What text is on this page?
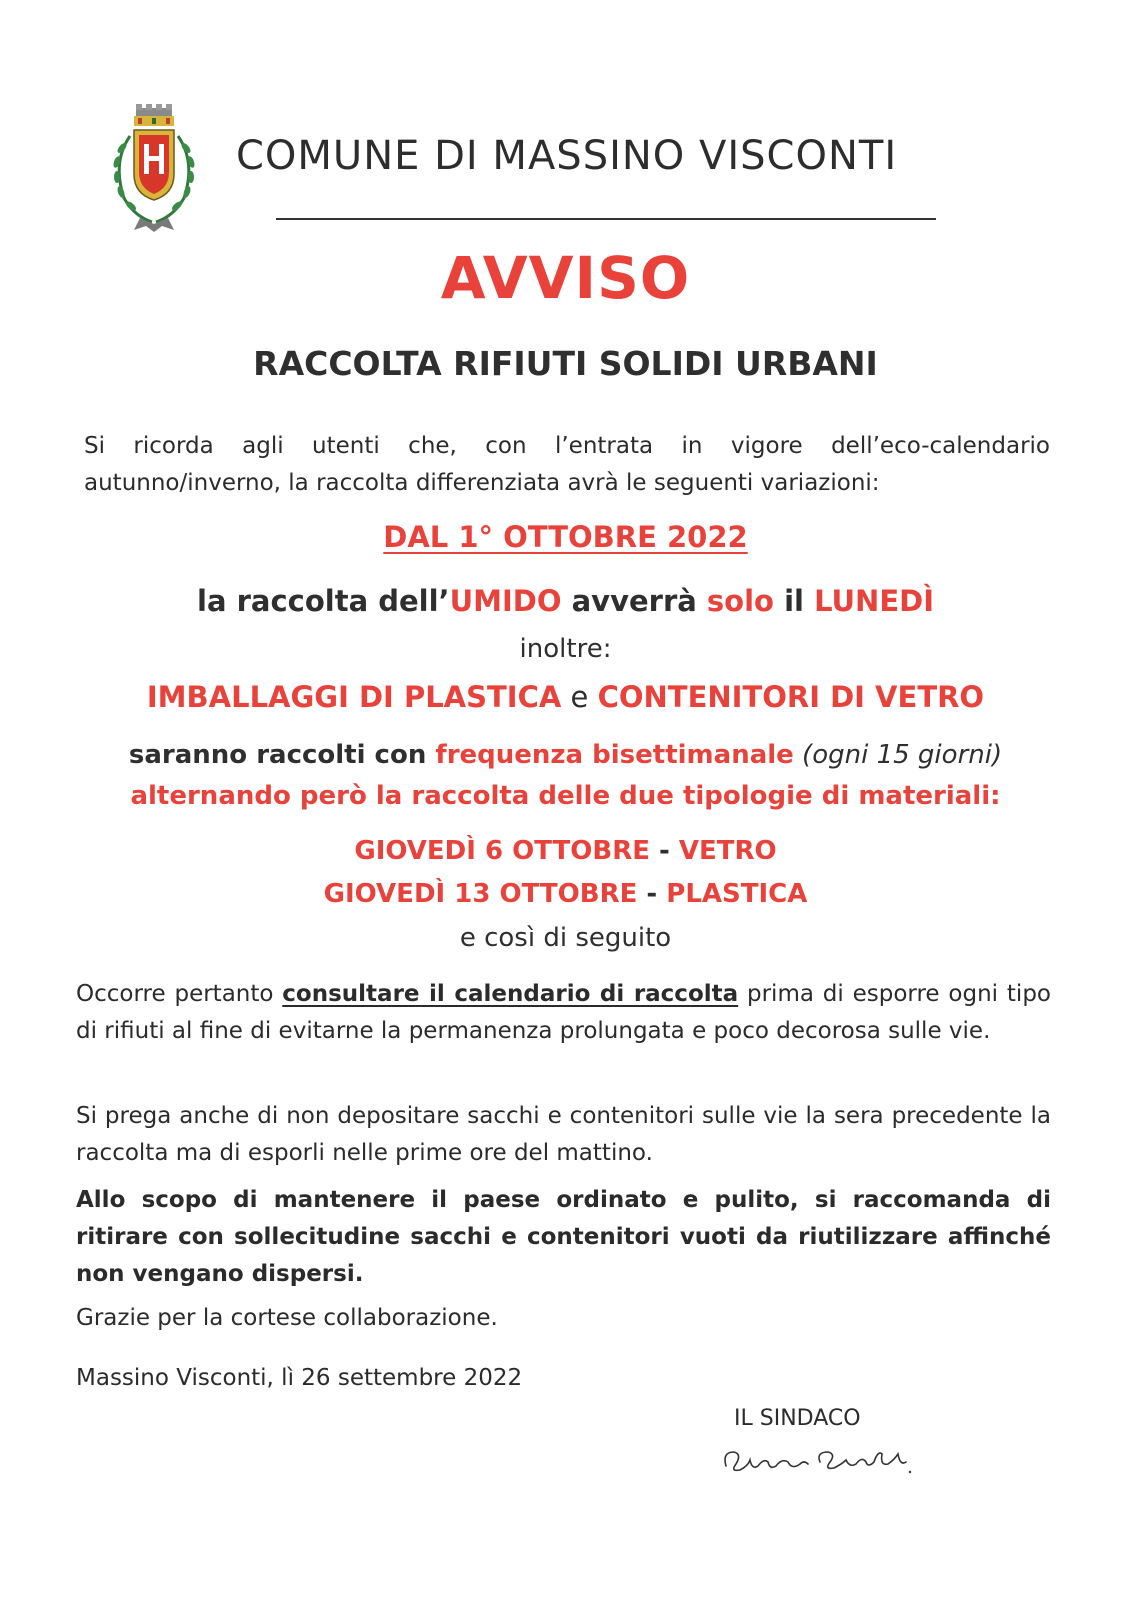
COMUNE DI MASSINO VISCONTI
AVVISO
RACCOLTA RIFIUTI SOLIDI URBANI
Si ricorda agli utenti che, con l’entrata in vigore dell’eco-calendario autunno/inverno, la raccolta differenziata avrà le seguenti variazioni:
DAL 1° OTTOBRE 2022
la raccolta dell’UMIDO avverrà solo il LUNEDÌ
inoltre:
IMBALLAGGI DI PLASTICA e CONTENITORI DI VETRO
saranno raccolti con frequenza bisettimanale (ogni 15 giorni)
alternando però la raccolta delle due tipologie di materiali:
GIOVEDÌ 6 OTTOBRE - VETRO
GIOVEDÌ 13 OTTOBRE - PLASTICA
e così di seguito
Occorre pertanto consultare il calendario di raccolta prima di esporre ogni tipo di rifiuti al fine di evitarne la permanenza prolungata e poco decorosa sulle vie.
Si prega anche di non depositare sacchi e contenitori sulle vie la sera precedente la raccolta ma di esporli nelle prime ore del mattino.
Allo scopo di mantenere il paese ordinato e pulito, si raccomanda di ritirare con sollecitudine sacchi e contenitori vuoti da riutilizzare affinché non vengano dispersi.
Grazie per la cortese collaborazione.
Massino Visconti, lì 26 settembre 2022
IL SINDACO
